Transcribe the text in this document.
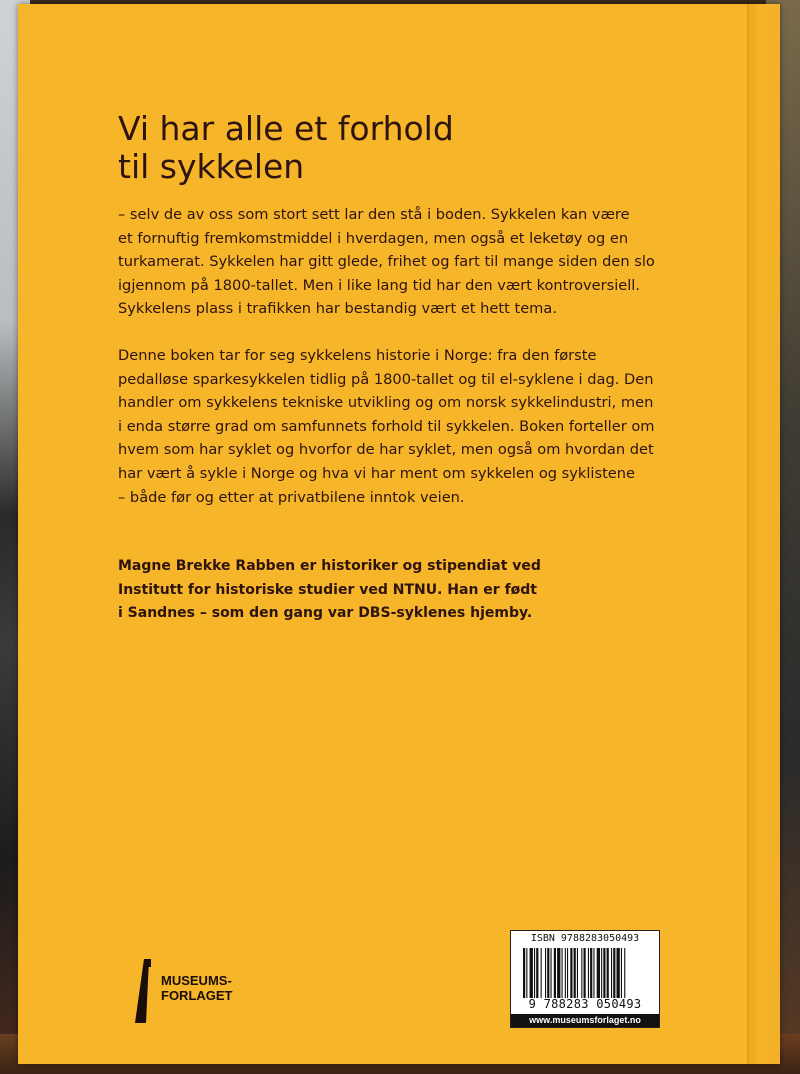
Vi har alle et forhold
til sykkelen
– selv de av oss som stort sett lar den stå i boden. Sykkelen kan være
et fornuftig fremkomstmiddel i hverdagen, men også et leketøy og en
turkamerat. Sykkelen har gitt glede, frihet og fart til mange siden den slo
igjennom på 1800-tallet. Men i like lang tid har den vært kontroversiell.
Sykkelens plass i trafikken har bestandig vært et hett tema.
Denne boken tar for seg sykkelens historie i Norge: fra den første
pedalløse sparkesykkelen tidlig på 1800-tallet og til el-syklene i dag. Den
handler om sykkelens tekniske utvikling og om norsk sykkelindustri, men
i enda større grad om samfunnets forhold til sykkelen. Boken forteller om
hvem som har syklet og hvorfor de har syklet, men også om hvordan det
har vært å sykle i Norge og hva vi har ment om sykkelen og syklistene
– både før og etter at privatbilene inntok veien.
Magne Brekke Rabben er historiker og stipendiat ved
Institutt for historiske studier ved NTNU. Han er født
i Sandnes – som den gang var DBS-syklenes hjemby.
MUSEUMS-
FORLAGET
ISBN 9788283050493
9 788283 050493
www.museumsforlaget.no
